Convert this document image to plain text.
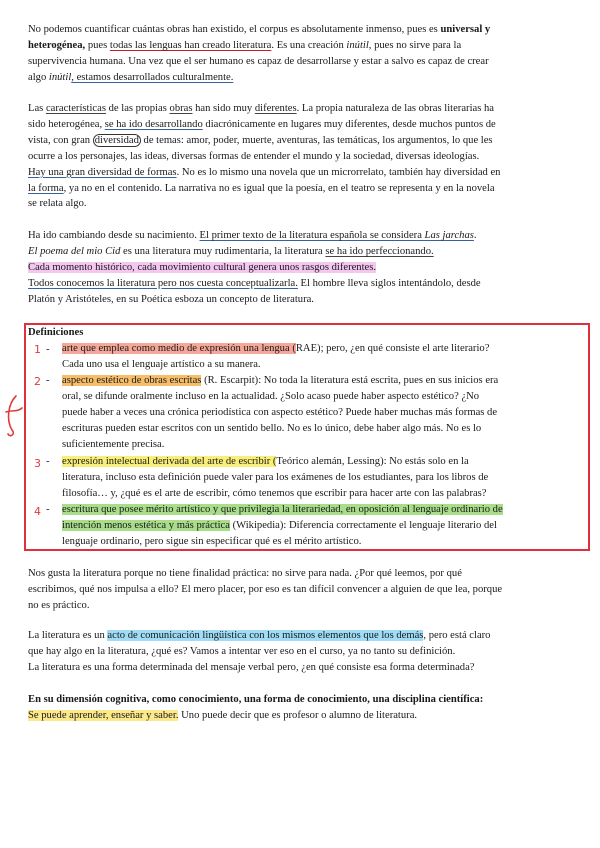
No podemos cuantificar cuántas obras han existido, el corpus es absolutamente inmenso, pues es universal y
heterogénea, pues todas las lenguas han creado literatura. Es una creación inútil, pues no sirve para la
supervivencia humana. Una vez que el ser humano es capaz de desarrollarse y estar a salvo es capaz de crear
algo inútil, estamos desarrollados culturalmente.
Las características de las propias obras han sido muy diferentes. La propia naturaleza de las obras literarias ha
sido heterogénea, se ha ido desarrollando diacrónicamente en lugares muy diferentes, desde muchos puntos de
vista, con gran diversidad de temas: amor, poder, muerte, aventuras, las temáticas, los argumentos, lo que les
ocurre a los personajes, las ideas, diversas formas de entender el mundo y la sociedad, diversas ideologías.
Hay una gran diversidad de formas. No es lo mismo una novela que un microrrelato, también hay diversidad en
la forma, ya no en el contenido. La narrativa no es igual que la poesía, en el teatro se representa y en la novela
se relata algo.
Ha ido cambiando desde su nacimiento. El primer texto de la literatura española se considera Las jarchas.
El poema del mio Cid es una literatura muy rudimentaria, la literatura se ha ido perfeccionando.
Cada momento histórico, cada movimiento cultural genera unos rasgos diferentes.
Todos conocemos la literatura pero nos cuesta conceptualizarla. El hombre lleva siglos intentándolo, desde
Platón y Aristóteles, en su Poética esboza un concepto de literatura.
Definiciones
1 - arte que emplea como medio de expresión una lengua (RAE); pero, ¿en qué consiste el arte literario?
Cada uno usa el lenguaje artístico a su manera.
2 - aspecto estético de obras escritas (R. Escarpit): No toda la literatura está escrita, pues en sus inicios era
oral, se difunde oralmente incluso en la actualidad. ¿Solo acaso puede haber aspecto estético? ¿No
puede haber a veces una crónica periodística con aspecto estético? Puede haber muchas más formas de
escrituras pueden estar escritos con un sentido bello. No es lo único, debe haber algo más. No es lo
suficientemente precisa.
3 - expresión intelectual derivada del arte de escribir (Teórico alemán, Lessing): No estás solo en la
literatura, incluso esta definición puede valer para los exámenes de los estudiantes, para los libros de
filosofía… y, ¿qué es el arte de escribir, cómo tenemos que escribir para hacer arte con las palabras?
4 - escritura que posee mérito artístico y que privilegia la literariedad, en oposición al lenguaje ordinario de
intención menos estética y más práctica (Wikipedia): Diferencia correctamente el lenguaje literario del
lenguaje ordinario, pero sigue sin especificar qué es el mérito artístico.
Nos gusta la literatura porque no tiene finalidad práctica: no sirve para nada. ¿Por qué leemos, por qué
escribimos, qué nos impulsa a ello? El mero placer, por eso es tan difícil convencer a alguien de que lea, porque
no es práctico.
La literatura es un acto de comunicación lingüística con los mismos elementos que los demás, pero está claro
que hay algo en la literatura, ¿qué es? Vamos a intentar ver eso en el curso, ya no tanto su definición.
La literatura es una forma determinada del mensaje verbal pero, ¿en qué consiste esa forma determinada?
En su dimensión cognitiva, como conocimiento, una forma de conocimiento, una disciplina científica:
Se puede aprender, enseñar y saber. Uno puede decir que es profesor o alumno de literatura.
